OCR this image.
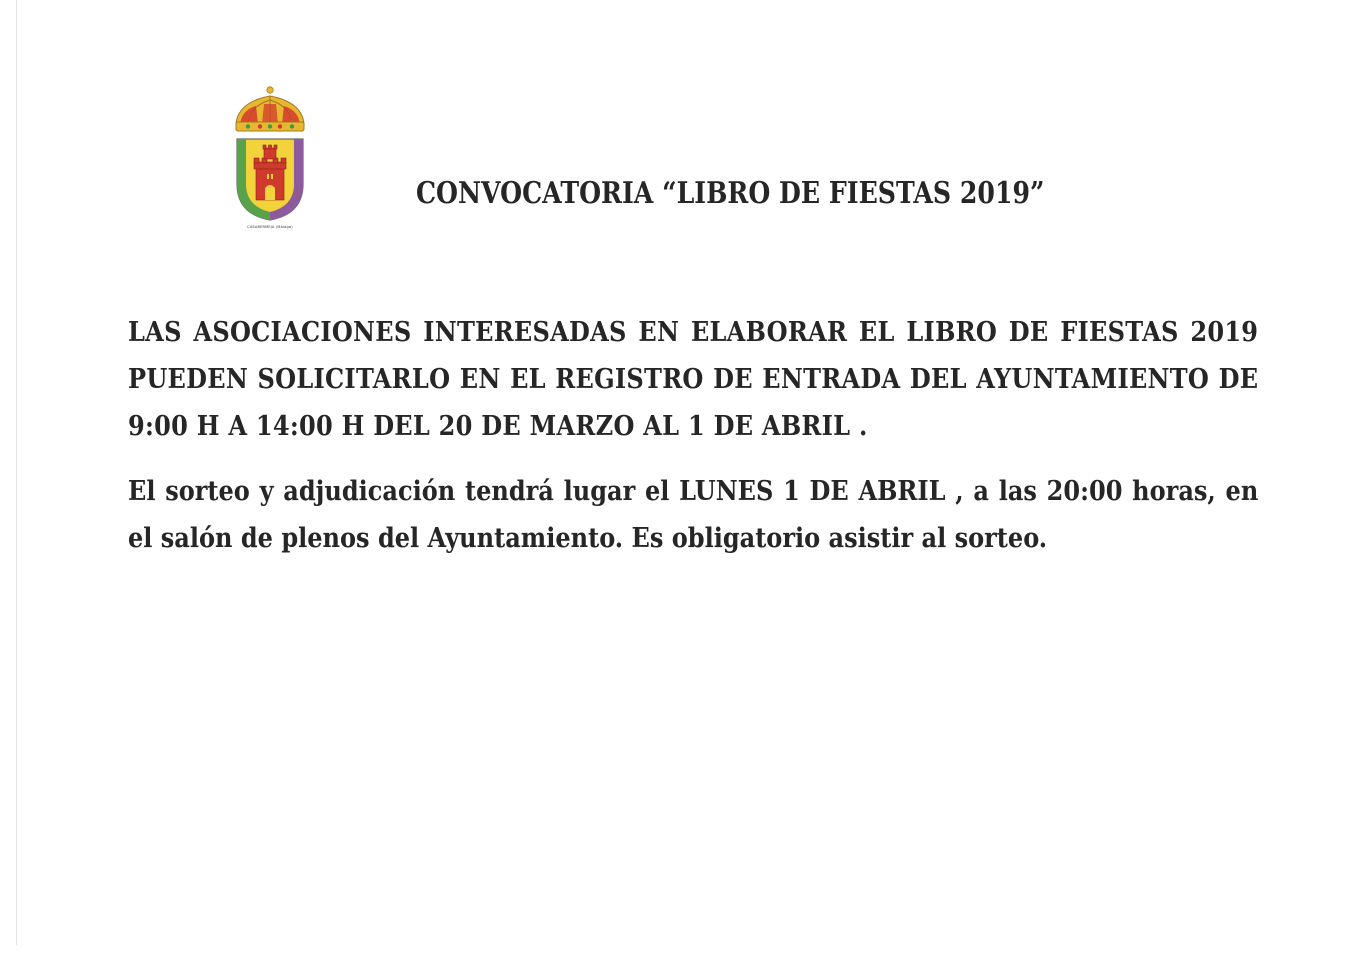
CASABERMEJA (Málaga)
CONVOCATORIA “LIBRO DE FIESTAS 2019”

LAS ASOCIACIONES INTERESADAS EN ELABORAR EL LIBRO DE FIESTAS 2019 PUEDEN SOLICITARLO EN EL REGISTRO DE ENTRADA DEL AYUNTAMIENTO DE 9:00 H A 14:00 H DEL 20 DE MARZO AL 1 DE ABRIL .

El sorteo y adjudicación tendrá lugar el LUNES 1 DE ABRIL , a las 20:00 horas, en el salón de plenos del Ayuntamiento. Es obligatorio asistir al sorteo.
